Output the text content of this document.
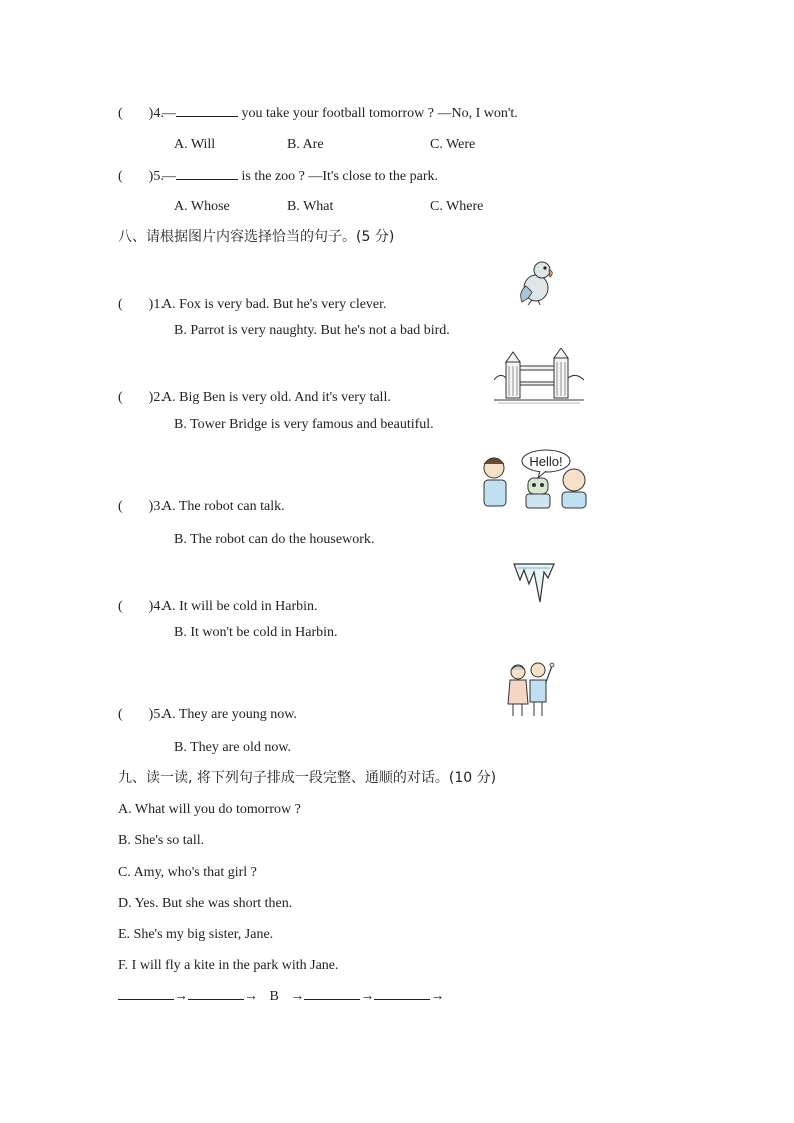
( )4.—	you take your football tomorrow ? —No, I won't.
A. Will	B. Are	C. Were
( )5.—	is the zoo ? —It's close to the park.
A. Whose	B. What	C. Where
八、请根据图片内容选择恰当的句子。(5 分)
( )1.A. Fox is very bad. But he's very clever.
B. Parrot is very naughty. But he's not a bad bird.
( )2.A. Big Ben is very old. And it's very tall.
B. Tower Bridge is very famous and beautiful.
Hello!
( )3.A. The robot can talk.
B. The robot can do the housework.
( )4.A. It will be cold in Harbin.
B. It won't be cold in Harbin.
( )5.A. They are young now.
B. They are old now.
九、读一读, 将下列句子排成一段完整、通顺的对话。(10 分)
A. What will you do tomorrow ?
B. She's so tall.
C. Amy, who's that girl ?
D. Yes. But she was short then.
E. She's my big sister, Jane.
F. I will fly a kite in the park with Jane.
→	→ B →	→	→
